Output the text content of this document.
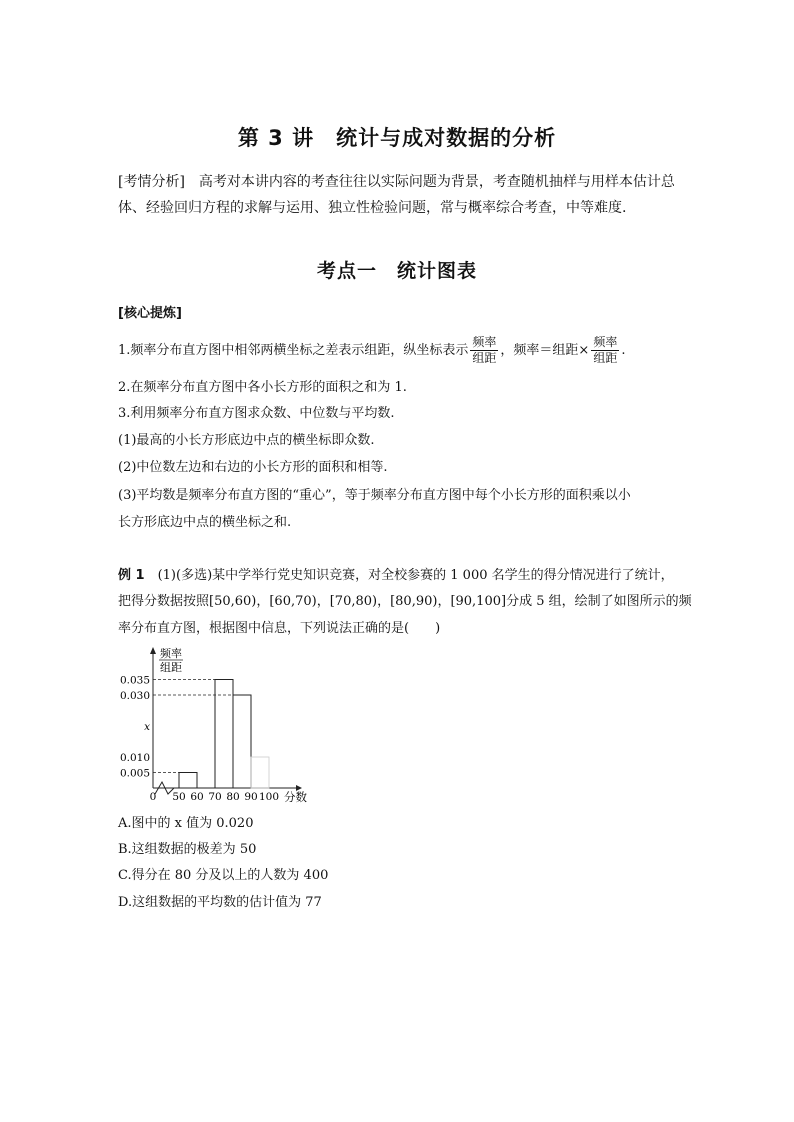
第 3 讲　统计与成对数据的分析
[考情分析]　高考对本讲内容的考查往往以实际问题为背景，考查随机抽样与用样本估计总
体、经验回归方程的求解与运用、独立性检验问题，常与概率综合考查，中等难度.
考点一　统计图表
[核心提炼]
1.频率分布直方图中相邻两横坐标之差表示组距，纵坐标表示 $\frac{\text{频率}}{\text{组距}}$ ，频率＝组距× $\frac{\text{频率}}{\text{组距}}$ .
2.在频率分布直方图中各小长方形的面积之和为 1.
3.利用频率分布直方图求众数、中位数与平均数.
(1)最高的小长方形底边中点的横坐标即众数.
(2)中位数左边和右边的小长方形的面积和相等.
(3)平均数是频率分布直方图的“重心”，等于频率分布直方图中每个小长方形的面积乘以小
长方形底边中点的横坐标之和.
例 1　(1)(多选)某中学举行党史知识竞赛，对全校参赛的 1 000 名学生的得分情况进行了统计，
把得分数据按照[50,60)，[60,70)，[70,80)，[80,90)，[90,100]分成 5 组，绘制了如图所示的频
率分布直方图，根据图中信息，下列说法正确的是(　　)
频率
组距
0.035
0.030
x
0.010
0.005
0 50 60 70 80 90 100 分数
A.图中的 x 值为 0.020
B.这组数据的极差为 50
C.得分在 80 分及以上的人数为 400
D.这组数据的平均数的估计值为 77
